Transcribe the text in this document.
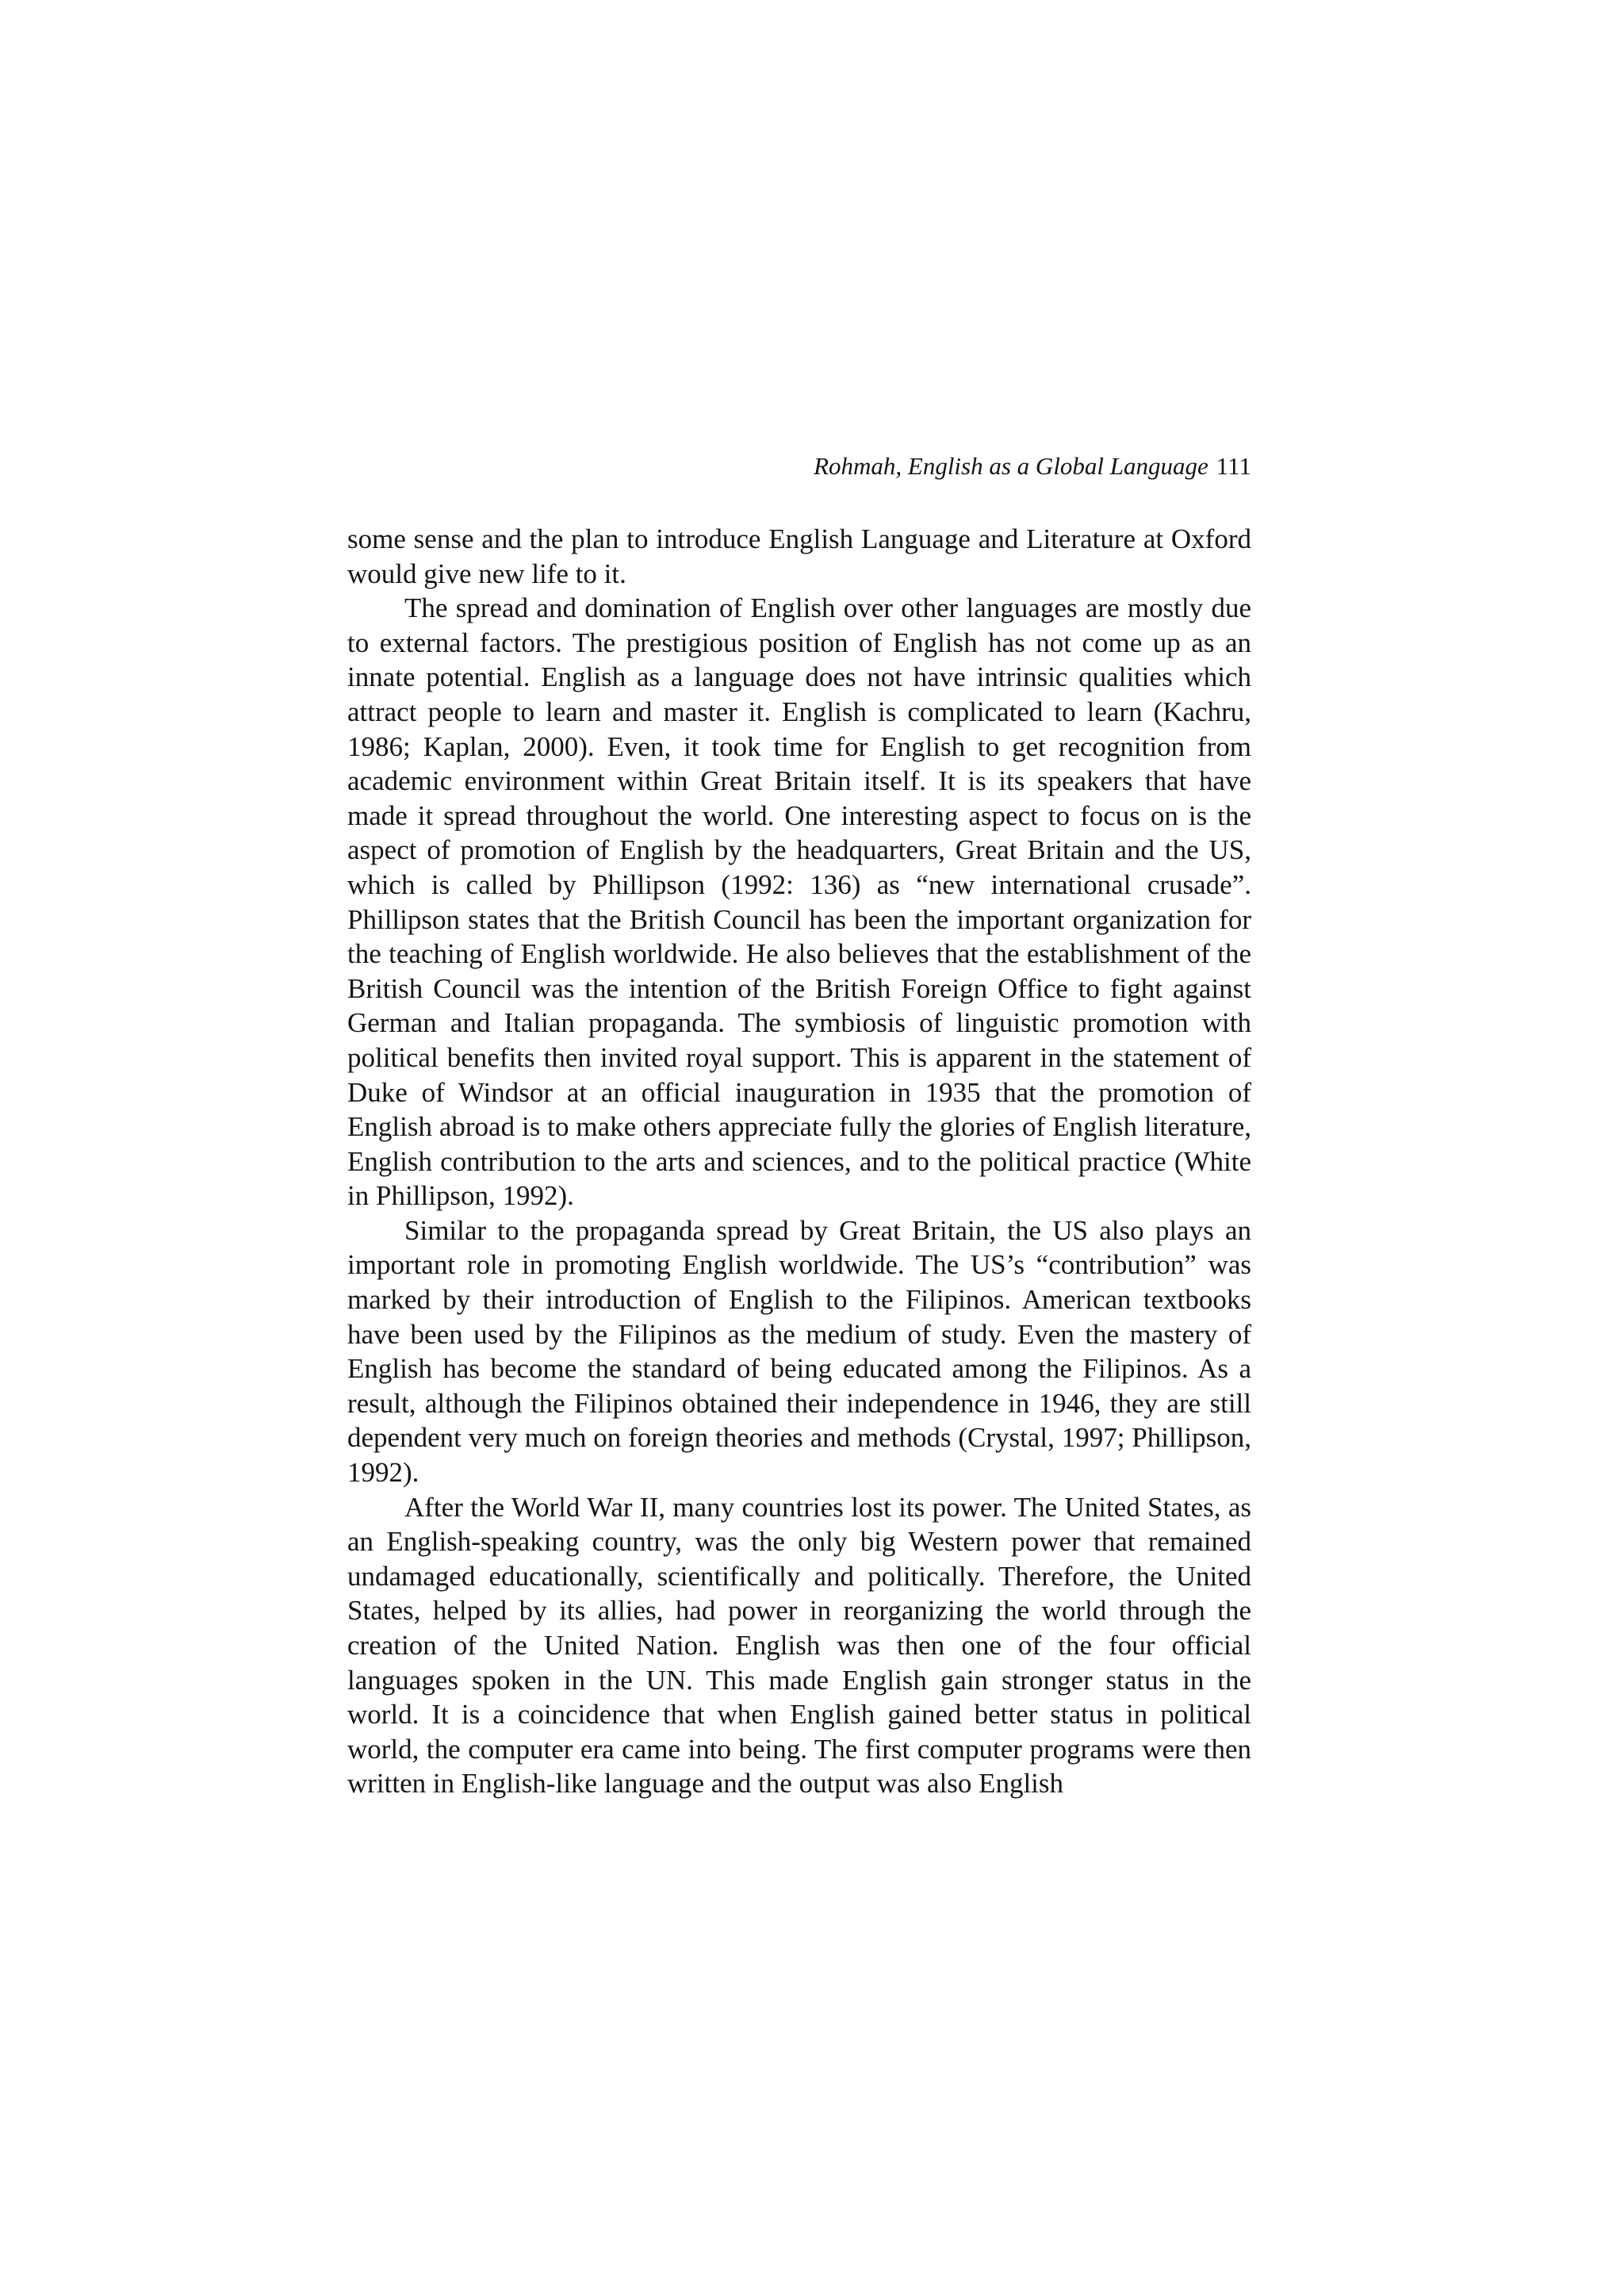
Rohmah, English as a Global Language 111

some sense and the plan to introduce English Language and Literature at Oxford would give new life to it.

The spread and domination of English over other languages are mostly due to external factors. The prestigious position of English has not come up as an innate potential. English as a language does not have intrinsic qualities which attract people to learn and master it. English is complicated to learn (Kachru, 1986; Kaplan, 2000). Even, it took time for English to get recognition from academic environment within Great Britain itself. It is its speakers that have made it spread throughout the world. One interesting aspect to focus on is the aspect of promotion of English by the headquarters, Great Britain and the US, which is called by Phillipson (1992: 136) as “new international crusade”. Phillipson states that the British Council has been the important organization for the teaching of English worldwide. He also believes that the establishment of the British Council was the intention of the British Foreign Office to fight against German and Italian propaganda. The symbiosis of linguistic promotion with political benefits then invited royal support. This is apparent in the statement of Duke of Windsor at an official inauguration in 1935 that the promotion of English abroad is to make others appreciate fully the glories of English literature, English contribution to the arts and sciences, and to the political practice (White in Phillipson, 1992).

Similar to the propaganda spread by Great Britain, the US also plays an important role in promoting English worldwide. The US’s “contribution” was marked by their introduction of English to the Filipinos. American textbooks have been used by the Filipinos as the medium of study. Even the mastery of English has become the standard of being educated among the Filipinos. As a result, although the Filipinos obtained their independence in 1946, they are still dependent very much on foreign theories and methods (Crystal, 1997; Phillipson, 1992).

After the World War II, many countries lost its power. The United States, as an English-speaking country, was the only big Western power that remained undamaged educationally, scientifically and politically. Therefore, the United States, helped by its allies, had power in reorganizing the world through the creation of the United Nation. English was then one of the four official languages spoken in the UN. This made English gain stronger status in the world. It is a coincidence that when English gained better status in political world, the computer era came into being. The first computer programs were then written in English-like language and the output was also English
